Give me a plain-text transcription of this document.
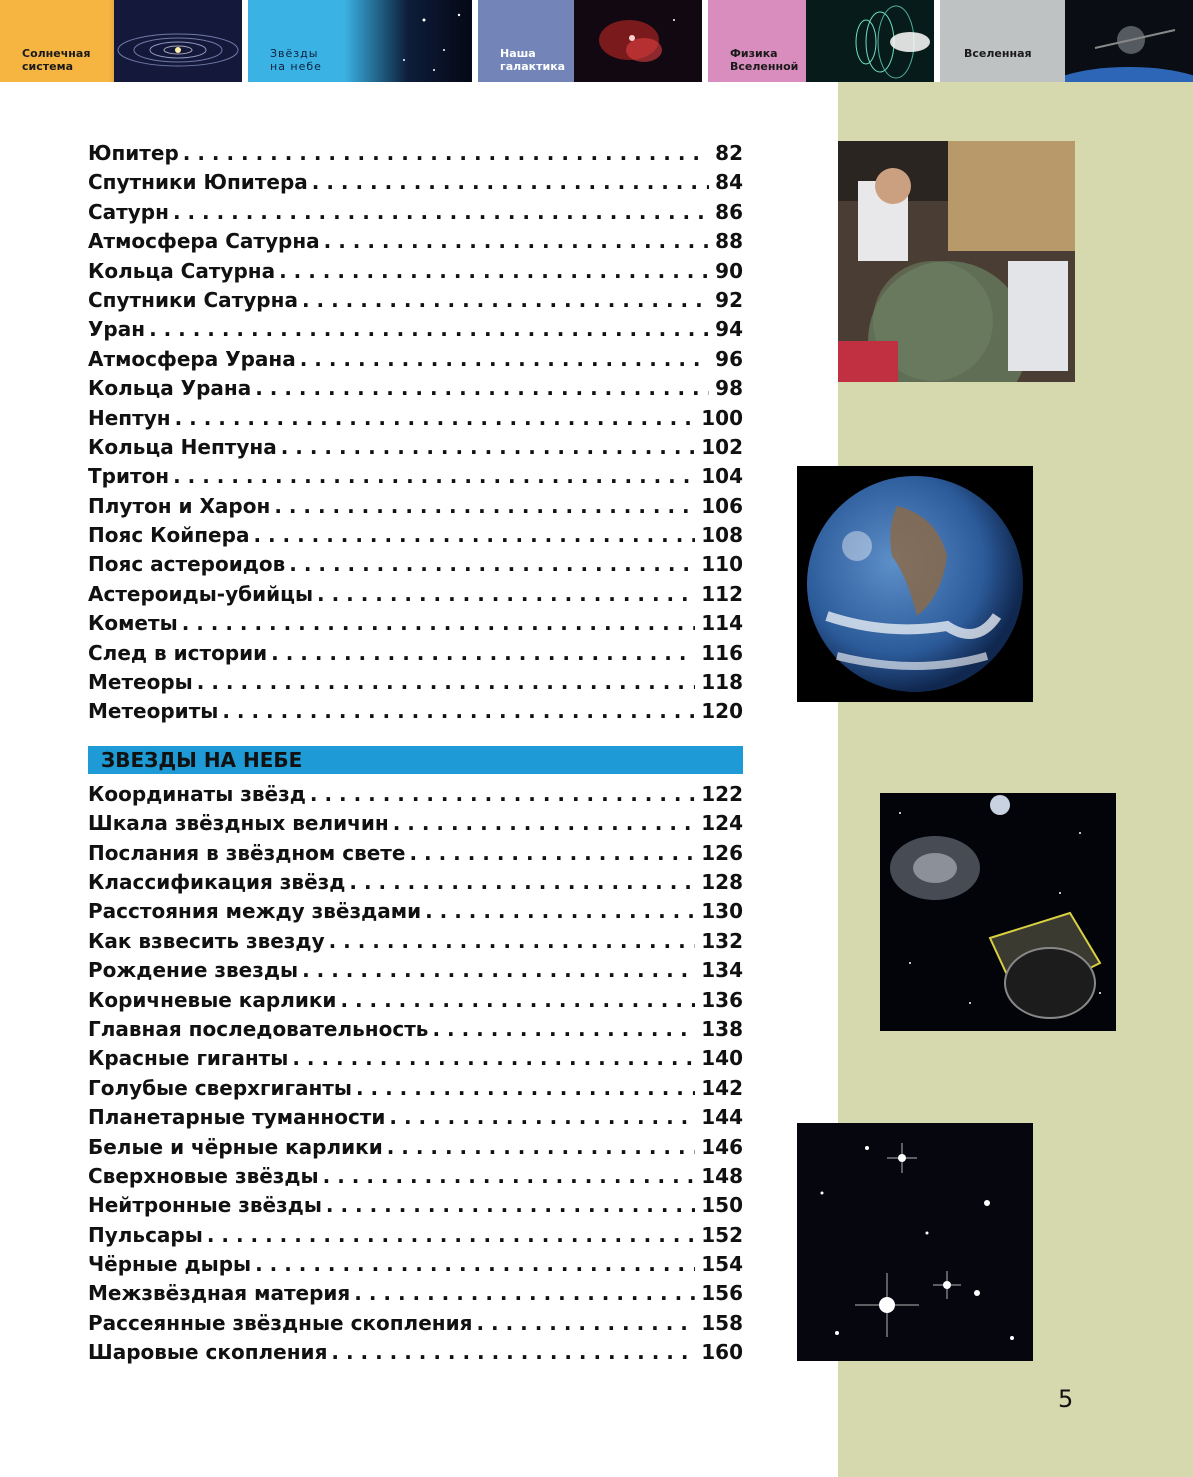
Солнечная
система
Звёзды
на небе
Наша
галактика
Физика
Вселенной
Вселенная
Юпитер . . .	82
Спутники Юпитера . . .	84
Сатурн . . .	86
Атмосфера Сатурна . . .	88
Кольца Сатурна . . .	90
Спутники Сатурна . . .	92
Уран . . .	94
Атмосфера Урана . . .	96
Кольца Урана . . .	98
Нептун . . .	100
Кольца Нептуна . . .	102
Тритон . . .	104
Плутон и Харон . . .	106
Пояс Койпера . . .	108
Пояс астероидов . . .	110
Астероиды-убийцы . . .	112
Кометы . . .	114
След в истории . . .	116
Метеоры . . .	118
Метеориты . . .	120
ЗВЕЗДЫ НА НЕБЕ
Координаты звёзд . . .	122
Шкала звёздных величин . . .	124
Послания в звёздном свете . . .	126
Классификация звёзд . . .	128
Расстояния между звёздами . . .	130
Как взвесить звезду . . .	132
Рождение звезды . . .	134
Коричневые карлики . . .	136
Главная последовательность . . .	138
Красные гиганты . . .	140
Голубые сверхгиганты . . .	142
Планетарные туманности . . .	144
Белые и чёрные карлики . . .	146
Сверхновые звёзды . . .	148
Нейтронные звёзды . . .	150
Пульсары . . .	152
Чёрные дыры . . .	154
Межзвёздная материя . . .	156
Рассеянные звёздные скопления . . .	158
Шаровые скопления . . .	160
5
